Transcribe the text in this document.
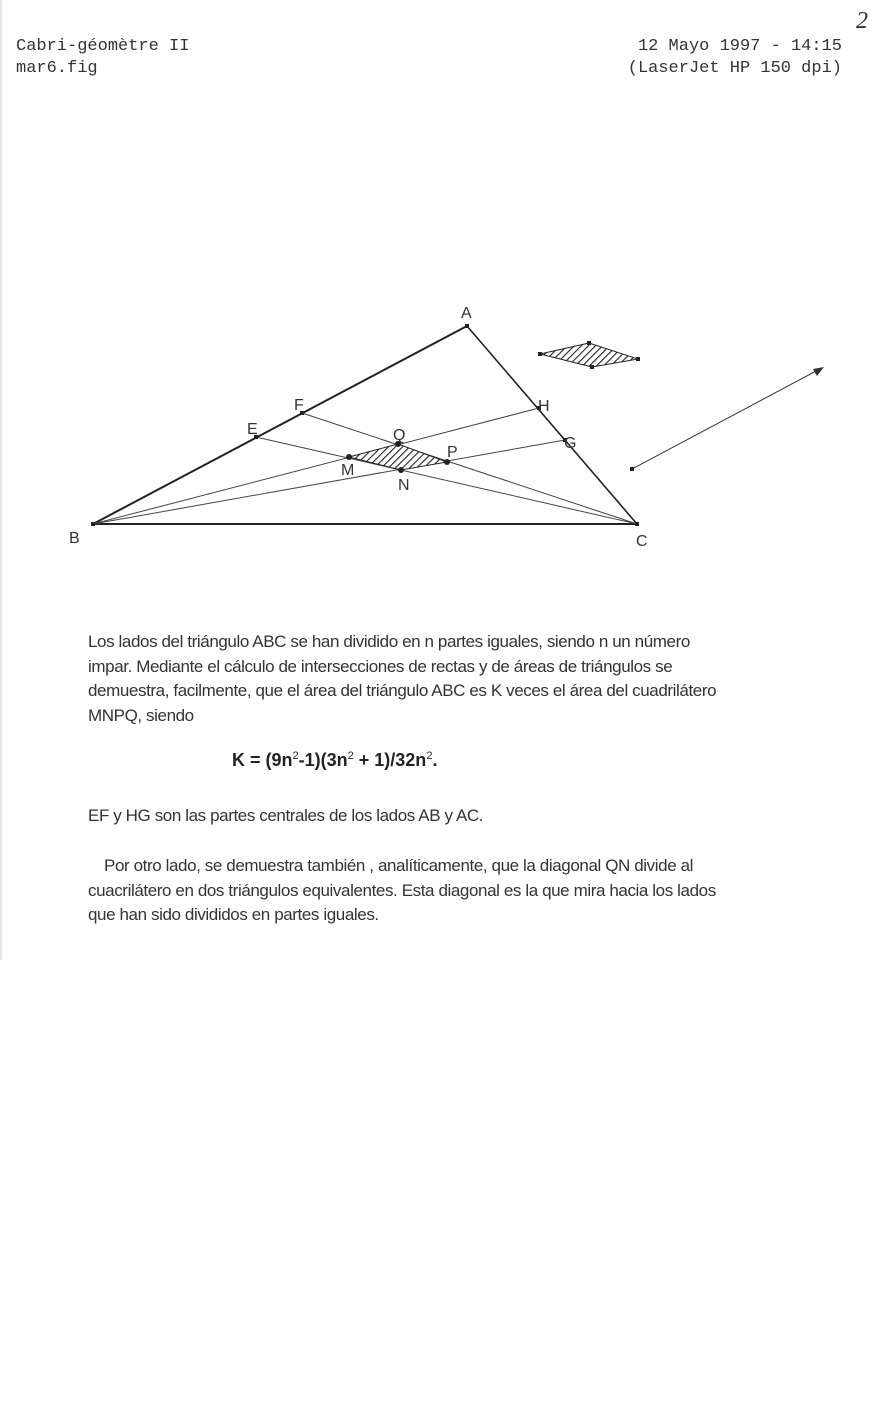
2
Cabri-géomètre II
mar6.fig
12 Mayo 1997 - 14:15
(LaserJet HP 150 dpi)
A
B	C
E
F	H
G
M
N
P
Q
Los lados del triángulo ABC se han dividido en n partes iguales, siendo n un número impar. Mediante el cálculo de intersecciones de rectas y de áreas de triángulos se demuestra, facilmente, que el área del triángulo ABC es K veces el área del cuadrilátero MNPQ, siendo
$K = (9n^2-1)(3n^2 + 1)/32n^2$.
EF y HG son las partes centrales de los lados AB y AC.
Por otro lado, se demuestra también , analíticamente, que la diagonal QN divide al cuacrilátero en dos triángulos equivalentes. Esta diagonal es la que mira hacia los lados que han sido divididos en partes iguales.
